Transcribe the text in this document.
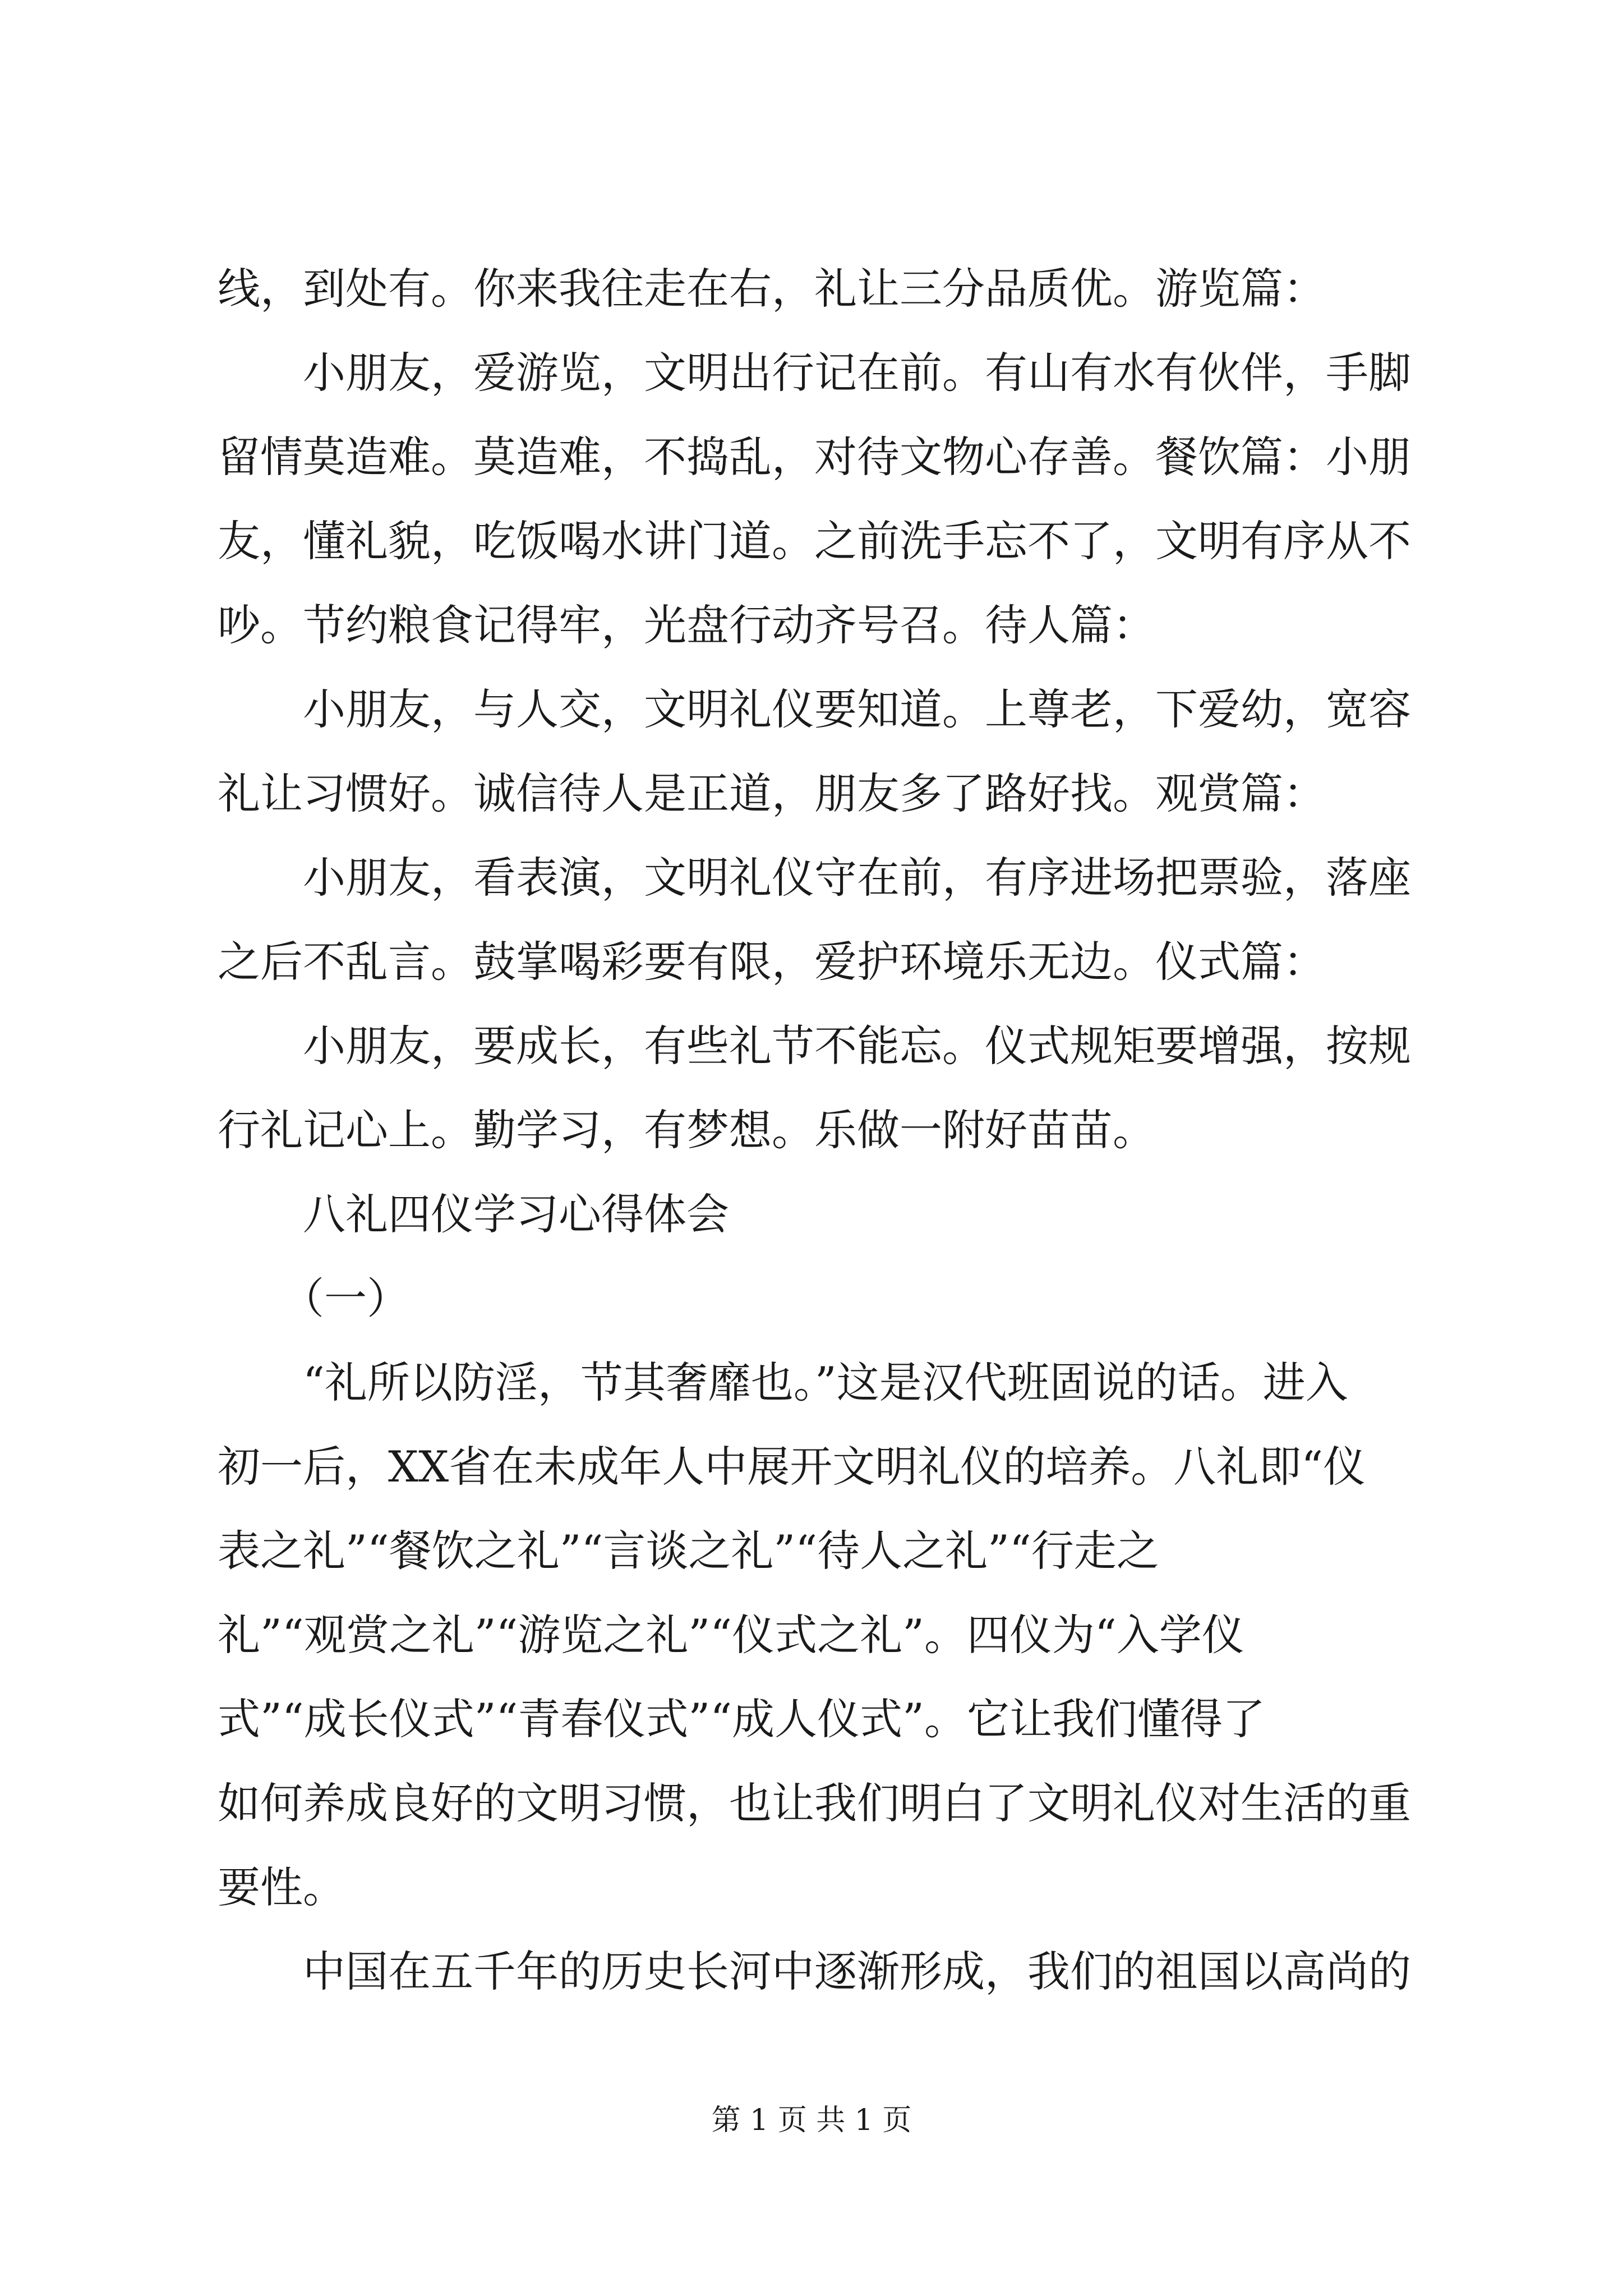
线，到处有。你来我往走在右，礼让三分品质优。游览篇：
　　小朋友，爱游览，文明出行记在前。有山有水有伙伴，手脚
留情莫造难。莫造难，不捣乱，对待文物心存善。餐饮篇：小朋
友，懂礼貌，吃饭喝水讲门道。之前洗手忘不了，文明有序从不
吵。节约粮食记得牢，光盘行动齐号召。待人篇：
　　小朋友，与人交，文明礼仪要知道。上尊老，下爱幼，宽容
礼让习惯好。诚信待人是正道，朋友多了路好找。观赏篇：
　　小朋友，看表演，文明礼仪守在前，有序进场把票验，落座
之后不乱言。鼓掌喝彩要有限，爱护环境乐无边。仪式篇：
　　小朋友，要成长，有些礼节不能忘。仪式规矩要增强，按规
行礼记心上。勤学习，有梦想。乐做一附好苗苗。
　　八礼四仪学习心得体会
　　（一）
　　“礼所以防淫，节其奢靡也。”这是汉代班固说的话。进入
初一后，XX省在未成年人中展开文明礼仪的培养。八礼即“仪
表之礼”“餐饮之礼”“言谈之礼”“待人之礼”“行走之
礼”“观赏之礼”“游览之礼”“仪式之礼”。四仪为“入学仪
式”“成长仪式”“青春仪式”“成人仪式”。它让我们懂得了
如何养成良好的文明习惯，也让我们明白了文明礼仪对生活的重
要性。
　　中国在五千年的历史长河中逐渐形成，我们的祖国以高尚的
第 1 页 共 1 页
